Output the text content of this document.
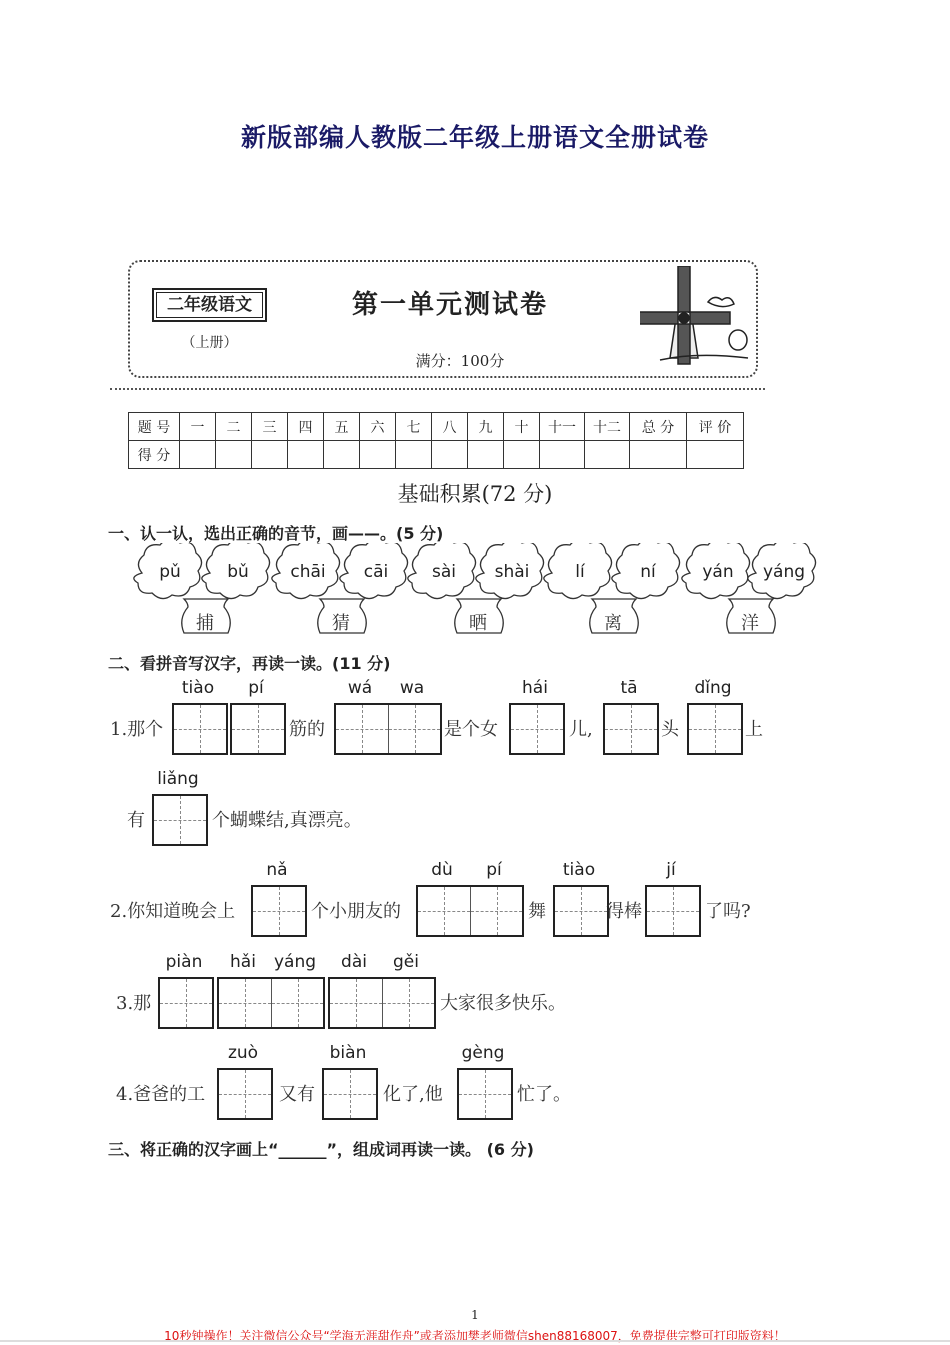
新版部编人教版二年级上册语文全册试卷
二年级语文
（上册）
第一单元测试卷
满分：100分
题 号	一	二	三	四	五	六	七	八	九	十	十一	十二	总 分	评 价
得 分														
基础积累(72 分)
一、认一认，选出正确的音节，画——。(5 分)
pǔ	bǔ
捕
chāi	cāi
猜
sài	shài
晒
lí	ní
离
yán	yáng
洋
二、看拼音写汉字，再读一读。(11 分)
tiào	pí	wá	wa	hái	tā	dǐng
1.那个	筋的	是个女	儿,	头	上
liǎng
有	个蝴蝶结,真漂亮。
nǎ	dù	pí	tiào	jí
2.你知道晚会上	个小朋友的	舞	得棒	了吗?
piàn	hǎi	yáng	dài	gěi
3.那	大家很多快乐。
zuò	biàn	gèng
4.爸爸的工	又有	化了,他	忙了。
三、将正确的汉字画上“______”，组成词再读一读。 (6 分)
1
10秒钟操作！关注微信公众号“学海无涯甜作舟”或者添加樊老师微信shen88168007，免费提供完整可打印版资料！
